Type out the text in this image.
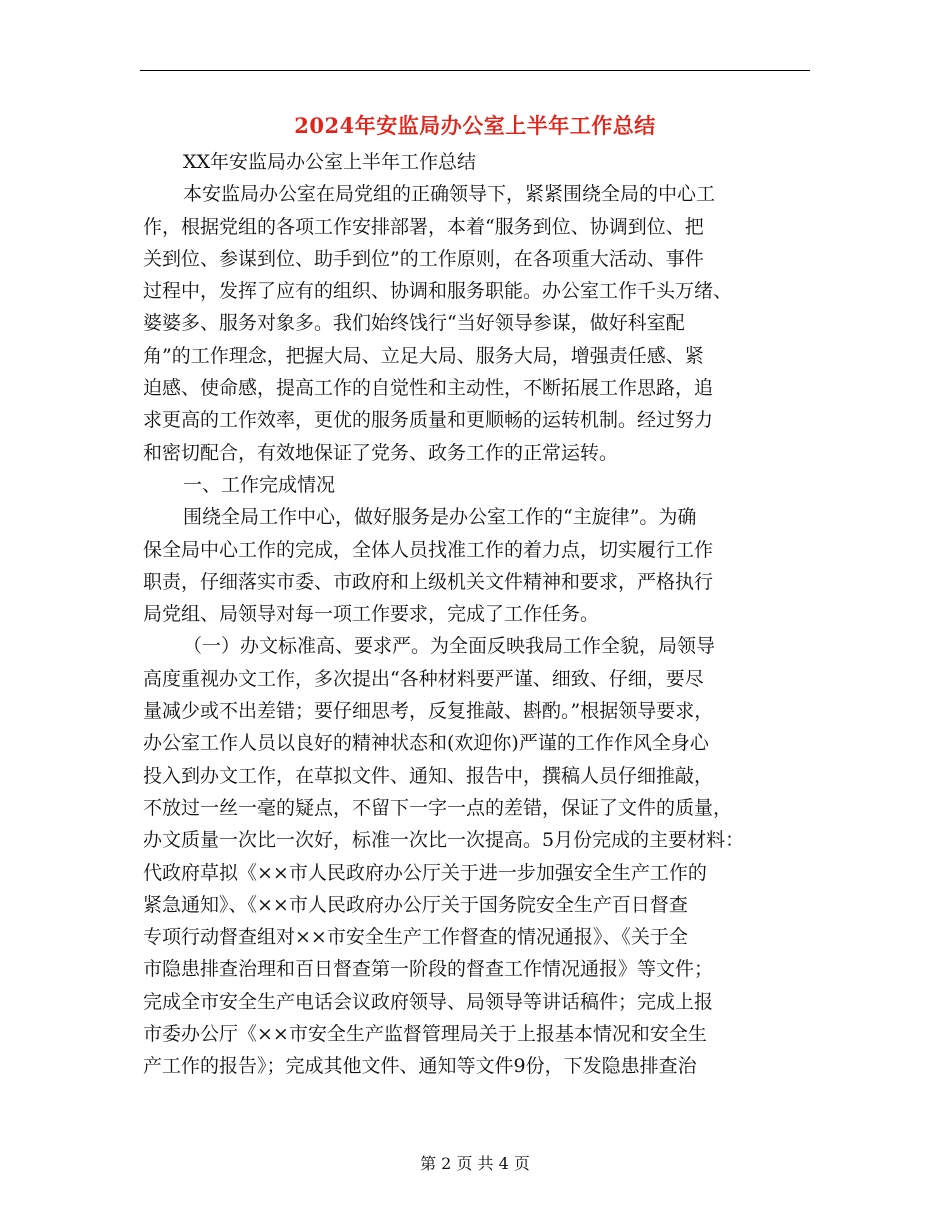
2024年安监局办公室上半年工作总结
XX年安监局办公室上半年工作总结
本安监局办公室在局党组的正确领导下，紧紧围绕全局的中心工
作，根据党组的各项工作安排部署，本着“服务到位、协调到位、把
关到位、参谋到位、助手到位”的工作原则，在各项重大活动、事件
过程中，发挥了应有的组织、协调和服务职能。办公室工作千头万绪、
婆婆多、服务对象多。我们始终饯行“当好领导参谋，做好科室配
角”的工作理念，把握大局、立足大局、服务大局，增强责任感、紧
迫感、使命感，提高工作的自觉性和主动性，不断拓展工作思路，追
求更高的工作效率，更优的服务质量和更顺畅的运转机制。经过努力
和密切配合，有效地保证了党务、政务工作的正常运转。
一、工作完成情况
围绕全局工作中心，做好服务是办公室工作的“主旋律”。为确
保全局中心工作的完成，全体人员找准工作的着力点，切实履行工作
职责，仔细落实市委、市政府和上级机关文件精神和要求，严格执行
局党组、局领导对每一项工作要求，完成了工作任务。
（一）办文标准高、要求严。为全面反映我局工作全貌，局领导
高度重视办文工作，多次提出“各种材料要严谨、细致、仔细，要尽
量减少或不出差错；要仔细思考，反复推敲、斟酌。”根据领导要求，
办公室工作人员以良好的精神状态和(欢迎你)严谨的工作作风全身心
投入到办文工作，在草拟文件、通知、报告中，撰稿人员仔细推敲，
不放过一丝一毫的疑点，不留下一字一点的差错，保证了文件的质量，
办文质量一次比一次好，标准一次比一次提高。5月份完成的主要材料：
代政府草拟《××市人民政府办公厅关于进一步加强安全生产工作的
紧急通知》、《××市人民政府办公厅关于国务院安全生产百日督查
专项行动督查组对××市安全生产工作督查的情况通报》、《关于全
市隐患排查治理和百日督查第一阶段的督查工作情况通报》等文件；
完成全市安全生产电话会议政府领导、局领导等讲话稿件；完成上报
市委办公厅《××市安全生产监督管理局关于上报基本情况和安全生
产工作的报告》；完成其他文件、通知等文件9份，下发隐患排查治
第 2 页 共 4 页
